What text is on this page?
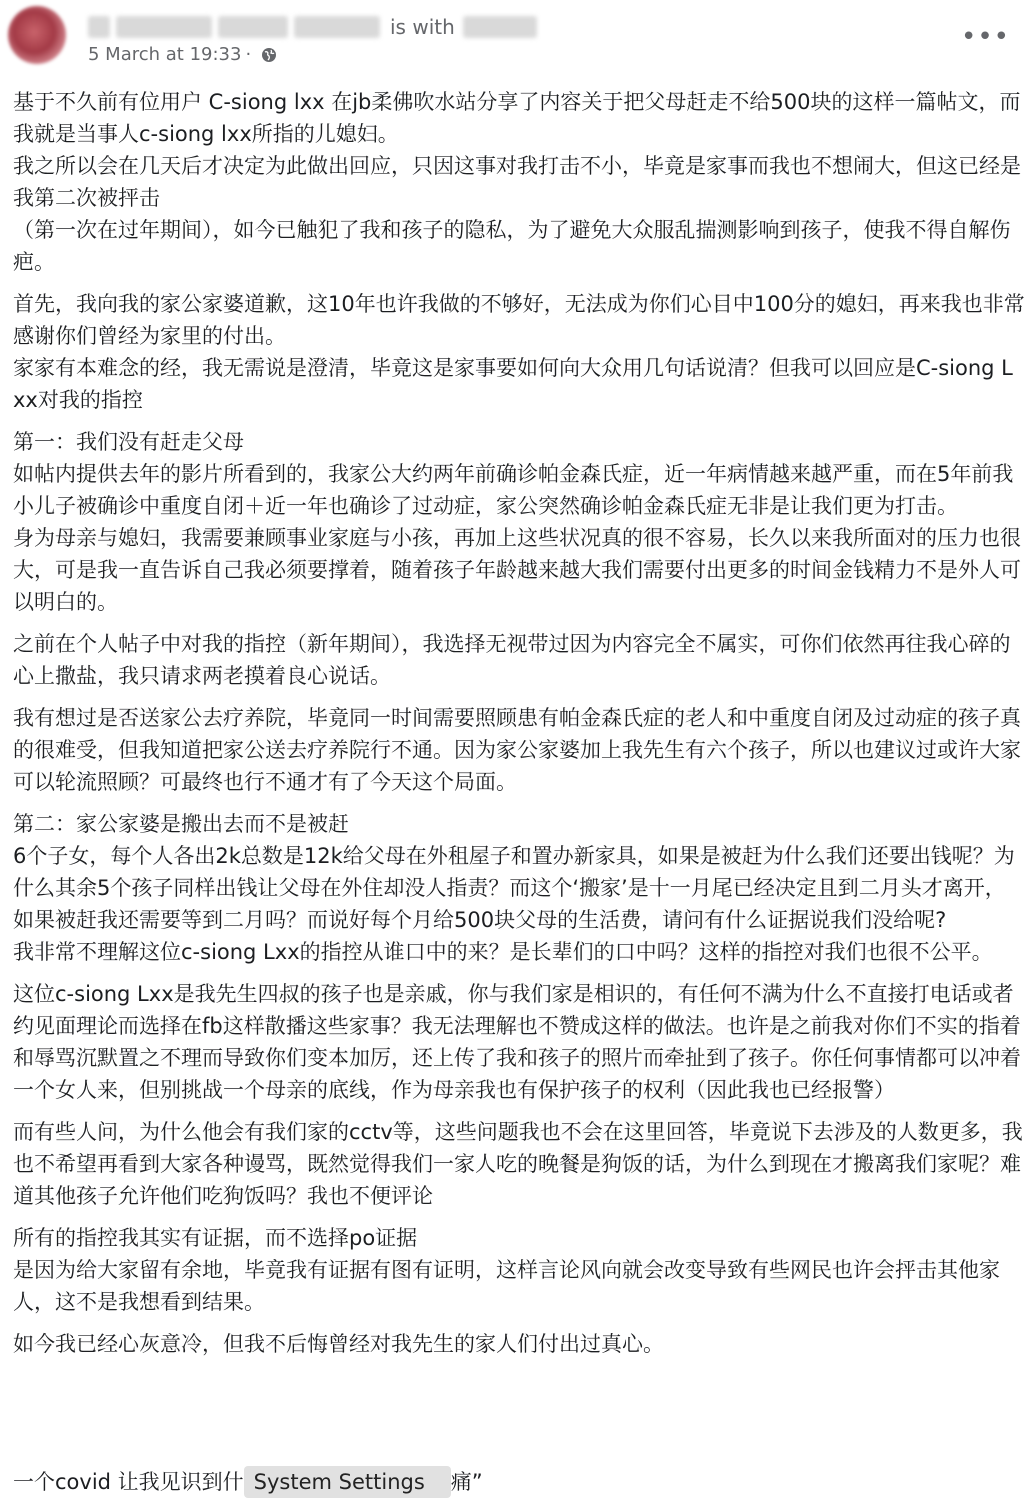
is with
5 March at 19:33 ·
•••

基于不久前有位用户 C-siong lxx 在jb柔佛吹水站分享了内容关于把父母赶走不给500块的这样一篇帖文，而我就是当事人c-siong lxx所指的儿媳妇。
我之所以会在几天后才决定为此做出回应，只因这事对我打击不小，毕竟是家事而我也不想闹大，但这已经是我第二次被抨击
（第一次在过年期间），如今已触犯了我和孩子的隐私，为了避免大众服乱揣测影响到孩子，使我不得自解伤疤。

首先，我向我的家公家婆道歉，这10年也许我做的不够好，无法成为你们心目中100分的媳妇，再来我也非常感谢你们曾经为家里的付出。
家家有本难念的经，我无需说是澄清，毕竟这是家事要如何向大众用几句话说清？但我可以回应是C-siong Lxx对我的指控

第一：我们没有赶走父母
如帖内提供去年的影片所看到的，我家公大约两年前确诊帕金森氏症，近一年病情越来越严重，而在5年前我小儿子被确诊中重度自闭＋近一年也确诊了过动症，家公突然确诊帕金森氏症无非是让我们更为打击。
身为母亲与媳妇，我需要兼顾事业家庭与小孩，再加上这些状况真的很不容易，长久以来我所面对的压力也很大，可是我一直告诉自己我必须要撑着，随着孩子年龄越来越大我们需要付出更多的时间金钱精力不是外人可以明白的。

之前在个人帖子中对我的指控（新年期间），我选择无视带过因为内容完全不属实，可你们依然再往我心碎的心上撒盐，我只请求两老摸着良心说话。

我有想过是否送家公去疗养院，毕竟同一时间需要照顾患有帕金森氏症的老人和中重度自闭及过动症的孩子真的很难受，但我知道把家公送去疗养院行不通。因为家公家婆加上我先生有六个孩子，所以也建议过或许大家可以轮流照顾？可最终也行不通才有了今天这个局面。

第二：家公家婆是搬出去而不是被赶
6个子女，每个人各出2k总数是12k给父母在外租屋子和置办新家具，如果是被赶为什么我们还要出钱呢？为什么其余5个孩子同样出钱让父母在外住却没人指责？而这个‘搬家’是十一月尾已经决定且到二月头才离开，如果被赶我还需要等到二月吗？而说好每个月给500块父母的生活费，请问有什么证据说我们没给呢?
我非常不理解这位c-siong Lxx的指控从谁口中的来？是长辈们的口中吗？这样的指控对我们也很不公平。

这位c-siong Lxx是我先生四叔的孩子也是亲戚，你与我们家是相识的，有任何不满为什么不直接打电话或者约见面理论而选择在fb这样散播这些家事？我无法理解也不赞成这样的做法。也许是之前我对你们不实的指着和辱骂沉默置之不理而导致你们变本加厉，还上传了我和孩子的照片而牵扯到了孩子。你任何事情都可以冲着一个女人来，但别挑战一个母亲的底线，作为母亲我也有保护孩子的权利（因此我也已经报警）

而有些人问，为什么他会有我们家的cctv等，这些问题我也不会在这里回答，毕竟说下去涉及的人数更多，我也不希望再看到大家各种谩骂，既然觉得我们一家人吃的晚餐是狗饭的话，为什么到现在才搬离我们家呢？难道其他孩子允许他们吃狗饭吗？我也不便评论

所有的指控我其实有证据，而不选择po证据
是因为给大家留有余地，毕竟我有证据有图有证明，这样言论风向就会改变导致有些网民也许会抨击其他家人，这不是我想看到结果。

如今我已经心灰意冷，但我不后悔曾经对我先生的家人们付出过真心。

一个covid 让我见识到什 System Settings 痛”
